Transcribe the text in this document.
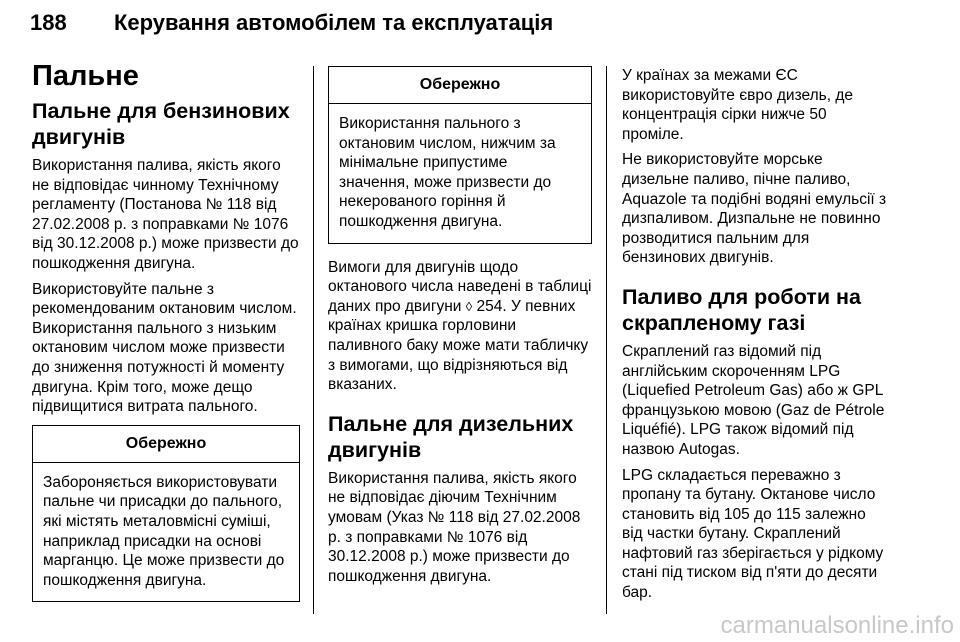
188 Керування автомобілем та експлуатація
Пальне
Пальне для бензинових двигунів

Використання палива, якість якого не відповідає чинному Технічному регламенту (Постанова № 118 від 27.02.2008 р. з поправками № 1076 від 30.12.2008 р.) може призвести до пошкодження двигуна.

Використовуйте пальне з рекомендованим октановим числом. Використання пального з низьким октановим числом може призвести до зниження потужності й моменту двигуна. Крім того, може дещо підвищитися витрата пального.

Обережно
Забороняється використовувати пальне чи присадки до пального, які містять металовмісні суміші, наприклад присадки на основі марганцю. Це може призвести до пошкодження двигуна.
Обережно
Використання пального з октановим числом, нижчим за мінімальне припустиме значення, може призвести до некерованого горіння й пошкодження двигуна.

Вимоги для двигунів щодо октанового числа наведені в таблиці даних про двигуни ◊ 254. У певних країнах кришка горловини паливного баку може мати табличку з вимогами, що відрізняються від вказаних.

Пальне для дизельних двигунів

Використання палива, якість якого не відповідає діючим Технічним умовам (Указ № 118 від 27.02.2008 р. з поправками № 1076 від 30.12.2008 р.) може призвести до пошкодження двигуна.

У країнах за межами ЄС використовуйте євро дизель, де концентрація сірки нижче 50 проміле.

Не використовуйте морське дизельне паливо, пічне паливо, Aquazole та подібні водяні емульсії з дизпаливом. Дизпальне не повинно розводитися пальним для бензинових двигунів.

Паливо для роботи на скрапленому газі

Скраплений газ відомий під англійським скороченням LPG (Liquefied Petroleum Gas) або ж GPL французькою мовою (Gaz de Pétrole Liquéfié). LPG також відомий під назвою Autogas.

LPG складається переважно з пропану та бутану. Октанове число становить від 105 до 115 залежно від частки бутану. Скраплений нафтовий газ зберігається у рідкому стані під тиском від п'яти до десяти бар.

carmanualsonline.info
